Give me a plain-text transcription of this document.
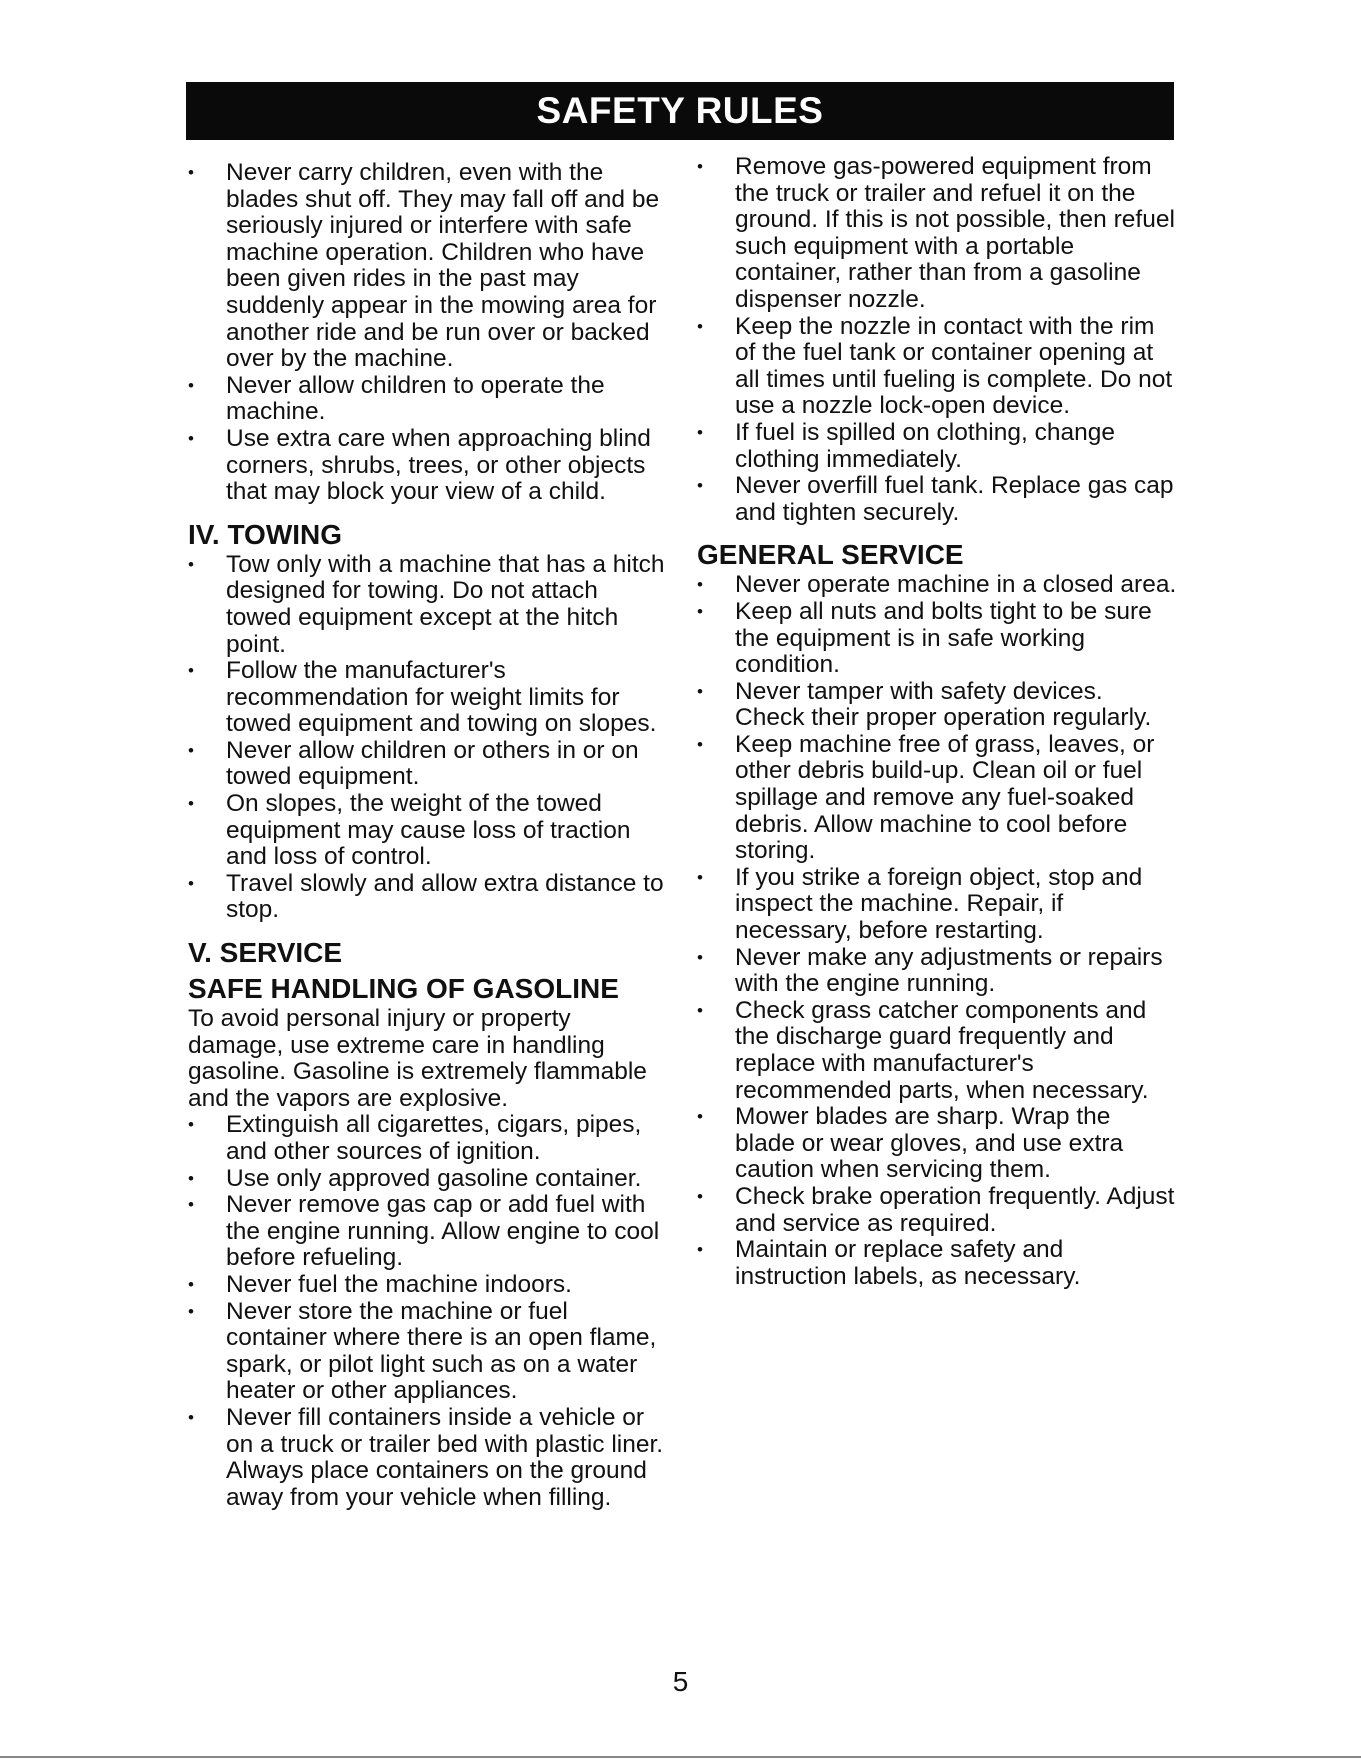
SAFETY RULES
• Never carry children, even with the blades shut off. They may fall off and be seriously injured or interfere with safe machine operation. Children who have been given rides in the past may suddenly appear in the mowing area for another ride and be run over or backed over by the machine.
• Never allow children to operate the machine.
• Use extra care when approaching blind corners, shrubs, trees, or other objects that may block your view of a child.
IV. TOWING
• Tow only with a machine that has a hitch designed for towing. Do not attach towed equipment except at the hitch point.
• Follow the manufacturer's recommendation for weight limits for towed equipment and towing on slopes.
• Never allow children or others in or on towed equipment.
• On slopes, the weight of the towed equipment may cause loss of traction and loss of control.
• Travel slowly and allow extra distance to stop.
V. SERVICE
SAFE HANDLING OF GASOLINE

To avoid personal injury or property damage, use extreme care in handling gasoline. Gasoline is extremely flammable and the vapors are explosive.

• Extinguish all cigarettes, cigars, pipes, and other sources of ignition.
• Use only approved gasoline container.
• Never remove gas cap or add fuel with the engine running. Allow engine to cool before refueling.
• Never fuel the machine indoors.
• Never store the machine or fuel container where there is an open flame, spark, or pilot light such as on a water heater or other appliances.
• Never fill containers inside a vehicle or on a truck or trailer bed with plastic liner. Always place containers on the ground away from your vehicle when filling.
• Remove gas-powered equipment from the truck or trailer and refuel it on the ground. If this is not possible, then refuel such equipment with a portable container, rather than from a gasoline dispenser nozzle.
• Keep the nozzle in contact with the rim of the fuel tank or container opening at all times until fueling is complete. Do not use a nozzle lock-open device.
• If fuel is spilled on clothing, change clothing immediately.
• Never overfill fuel tank. Replace gas cap and tighten securely.
GENERAL SERVICE
• Never operate machine in a closed area.
• Keep all nuts and bolts tight to be sure the equipment is in safe working condition.
• Never tamper with safety devices. Check their proper operation regularly.
• Keep machine free of grass, leaves, or other debris build-up. Clean oil or fuel spillage and remove any fuel-soaked debris. Allow machine to cool before storing.
• If you strike a foreign object, stop and inspect the machine. Repair, if necessary, before restarting.
• Never make any adjustments or repairs with the engine running.
• Check grass catcher components and the discharge guard frequently and replace with manufacturer's recommended parts, when necessary.
• Mower blades are sharp. Wrap the blade or wear gloves, and use extra caution when servicing them.
• Check brake operation frequently. Adjust and service as required.
• Maintain or replace safety and instruction labels, as necessary.
5
